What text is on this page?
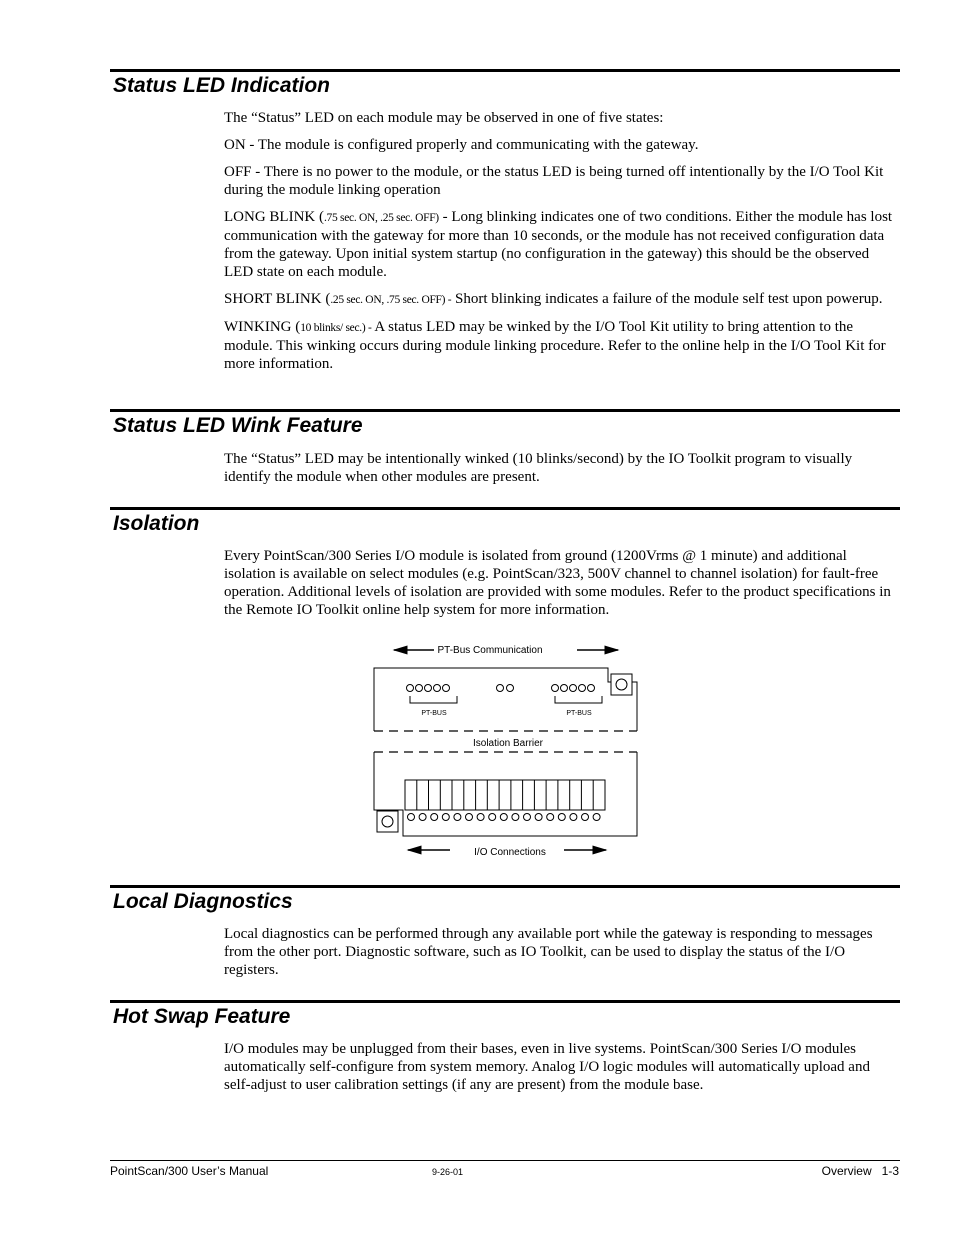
Status LED Indication

The “Status” LED on each module may be observed in one of five states:

ON - The module is configured properly and communicating with the gateway.

OFF - There is no power to the module, or the status LED is being turned off intentionally by the I/O Tool Kit during the module linking operation

LONG BLINK (.75 sec. ON, .25 sec. OFF) - Long blinking indicates one of two conditions. Either the module has lost communication with the gateway for more than 10 seconds, or the module has not received configuration data from the gateway. Upon initial system startup (no configuration in the gateway) this should be the observed LED state on each module.

SHORT BLINK (.25 sec. ON, .75 sec. OFF) - Short blinking indicates a failure of the module self test upon powerup.

WINKING (10 blinks/ sec.) - A status LED may be winked by the I/O Tool Kit utility to bring attention to the module. This winking occurs during module linking procedure. Refer to the online help in the I/O Tool Kit for more information.

Status LED Wink Feature

The “Status” LED may be intentionally winked (10 blinks/second) by the IO Toolkit program to visually identify the module when other modules are present.

Isolation

Every PointScan/300 Series I/O module is isolated from ground (1200Vrms @ 1 minute) and additional isolation is available on select modules (e.g. PointScan/323, 500V channel to channel isolation) for fault-free operation. Additional levels of isolation are provided with some modules. Refer to the product specifications in the Remote IO Toolkit online help system for more information.

PT-Bus Communication
PT-BUS	PT-BUS
Isolation Barrier
I/O Connections
Local Diagnostics

Local diagnostics can be performed through any available port while the gateway is responding to messages from the other port. Diagnostic software, such as IO Toolkit, can be used to display the status of the I/O registers.

Hot Swap Feature

I/O modules may be unplugged from their bases, even in live systems. PointScan/300 Series I/O modules automatically self-configure from system memory. Analog I/O logic modules will automatically upload and self-adjust to user calibration settings (if any are present) from the module base.

PointScan/300 User’s Manual	9-26-01	Overview   1-3
